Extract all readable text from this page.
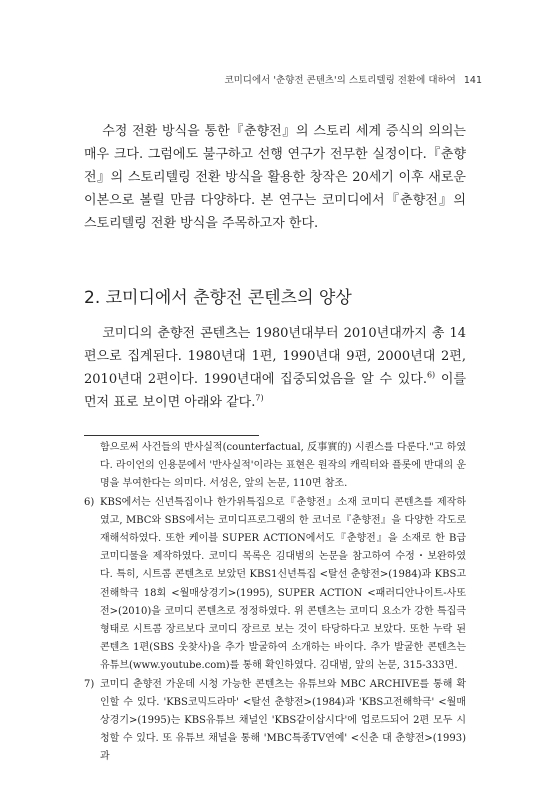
코미디에서 '춘향전 콘텐츠'의 스토리텔링 전환에 대하여 141

수정 전환 방식을 통한『춘향전』의 스토리 세계 증식의 의의는 매우 크다. 그럼에도 불구하고 선행 연구가 전무한 실정이다.『춘향전』의 스토리텔링 전환 방식을 활용한 창작은 20세기 이후 새로운 이본으로 볼릴 만큼 다양하다. 본 연구는 코미디에서『춘향전』의 스토리텔링 전환 방식을 주목하고자 한다.

2. 코미디에서 춘향전 콘텐츠의 양상

코미디의 춘향전 콘텐츠는 1980년대부터 2010년대까지 총 14편으로 집계된다. 1980년대 1편, 1990년대 9편, 2000년대 2편, 2010년대 2편이다. 1990년대에 집중되었음을 알 수 있다.$^{6)}$ 이를 먼저 표로 보이면 아래와 같다.$^{7)}$

함으로써 사건들의 반사실적(counterfactual, 反事實的) 시퀀스를 다룬다."고 하였다. 라이언의 인용문에서 '반사실적'이라는 표현은 원작의 캐릭터와 플롯에 반대의 운명을 부여한다는 의미다. 서성은, 앞의 논문, 110면 참조.
6) KBS에서는 신년특집이나 한가위특집으로『춘향전』소재 코미디 콘텐츠를 제작하였고, MBC와 SBS에서는 코미디프로그램의 한 코너로『춘향전』을 다양한 각도로 재해석하였다. 또한 케이블 SUPER ACTION에서도『춘향전』을 소재로 한 B급 코미디물을 제작하였다. 코미디 목록은 김대범의 논문을 참고하여 수정・보완하였다. 특히, 시트콤 콘텐츠로 보았던 KBS1신년특집 <탈선 춘향전>(1984)과 KBS고전해학극 18회 <월매상경기>(1995), SUPER ACTION <패러디안나이트-사또전>(2010)을 코미디 콘텐츠로 정정하였다. 위 콘텐츠는 코미디 요소가 강한 특집극 형태로 시트콤 장르보다 코미디 장르로 보는 것이 타당하다고 보았다. 또한 누락 된 콘텐츠 1편(SBS 웃찾사)을 추가 발굴하여 소개하는 바이다. 추가 발굴한 콘텐츠는 유튜브(www.youtube.com)를 통해 확인하였다. 김대범, 앞의 논문, 315-333면.
7) 코미디 춘향전 가운데 시청 가능한 콘텐츠는 유튜브와 MBC ARCHIVE를 통해 확인할 수 있다. 'KBS코믹드라마' <탈선 춘향전>(1984)과 'KBS고전해학극' <월매상경기>(1995)는 KBS유튜브 채널인 'KBS같이삽시다'에 업로드되어 2편 모두 시청할 수 있다. 또 유튜브 채널을 통해 'MBC특종TV연예' <신춘 대 춘향전>(1993)과
